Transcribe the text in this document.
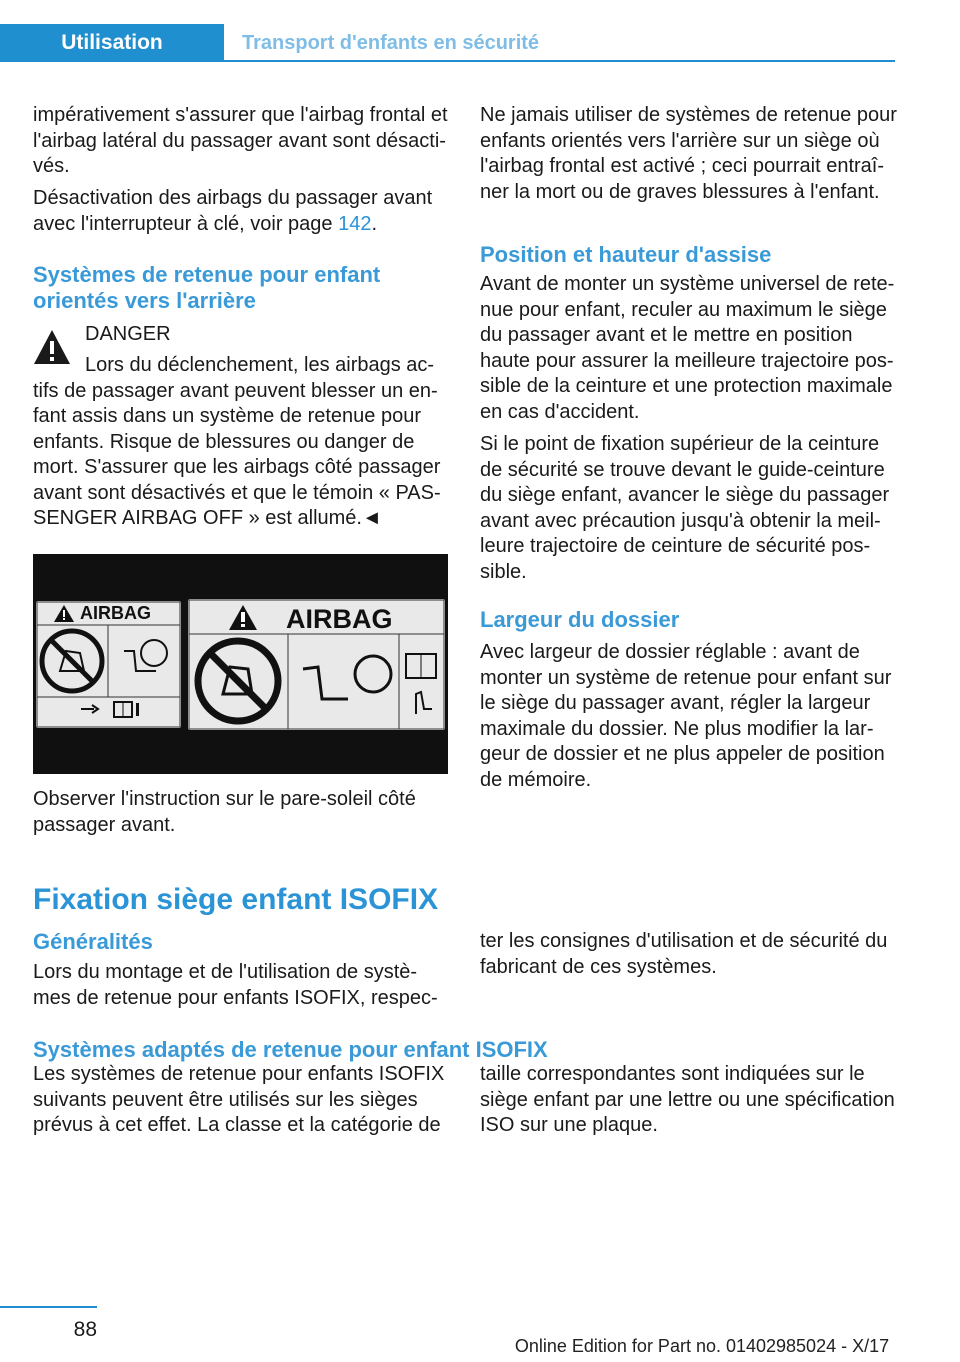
Utilisation	Transport d'enfants en sécurité

impérativement s'assurer que l'airbag frontal et l'airbag latéral du passager avant sont désacti‐ vés.

Désactivation des airbags du passager avant avec l'interrupteur à clé, voir page 142.

Systèmes de retenue pour enfant orientés vers l'arrière

DANGER

Lors du déclenchement, les airbags ac‐ tifs de passager avant peuvent blesser un en‐ fant assis dans un système de retenue pour enfants. Risque de blessures ou danger de mort. S'assurer que les airbags côté passager avant sont désactivés et que le témoin « PAS‐ SENGER AIRBAG OFF » est allumé.◄

AIRBAG	AIRBAG

Observer l'instruction sur le pare-soleil côté passager avant.

Ne jamais utiliser de systèmes de retenue pour enfants orientés vers l'arrière sur un siège où l'airbag frontal est activé ; ceci pourrait entraî‐ ner la mort ou de graves blessures à l'enfant.

Position et hauteur d'assise

Avant de monter un système universel de rete‐ nue pour enfant, reculer au maximum le siège du passager avant et le mettre en position haute pour assurer la meilleure trajectoire pos‐ sible de la ceinture et une protection maximale en cas d'accident.

Si le point de fixation supérieur de la ceinture de sécurité se trouve devant le guide-ceinture du siège enfant, avancer le siège du passager avant avec précaution jusqu'à obtenir la meil‐ leure trajectoire de ceinture de sécurité pos‐ sible.

Largeur du dossier

Avec largeur de dossier réglable : avant de monter un système de retenue pour enfant sur le siège du passager avant, régler la largeur maximale du dossier. Ne plus modifier la lar‐ geur de dossier et ne plus appeler de position de mémoire.

Fixation siège enfant ISOFIX
Généralités

Lors du montage et de l'utilisation de systè‐ mes de retenue pour enfants ISOFIX, respec‐

ter les consignes d'utilisation et de sécurité du fabricant de ces systèmes.

Systèmes adaptés de retenue pour enfant ISOFIX

Les systèmes de retenue pour enfants ISOFIX suivants peuvent être utilisés sur les sièges prévus à cet effet. La classe et la catégorie de

taille correspondantes sont indiquées sur le siège enfant par une lettre ou une spécification ISO sur une plaque.

88
Online Edition for Part no. 01402985024 - X/17
